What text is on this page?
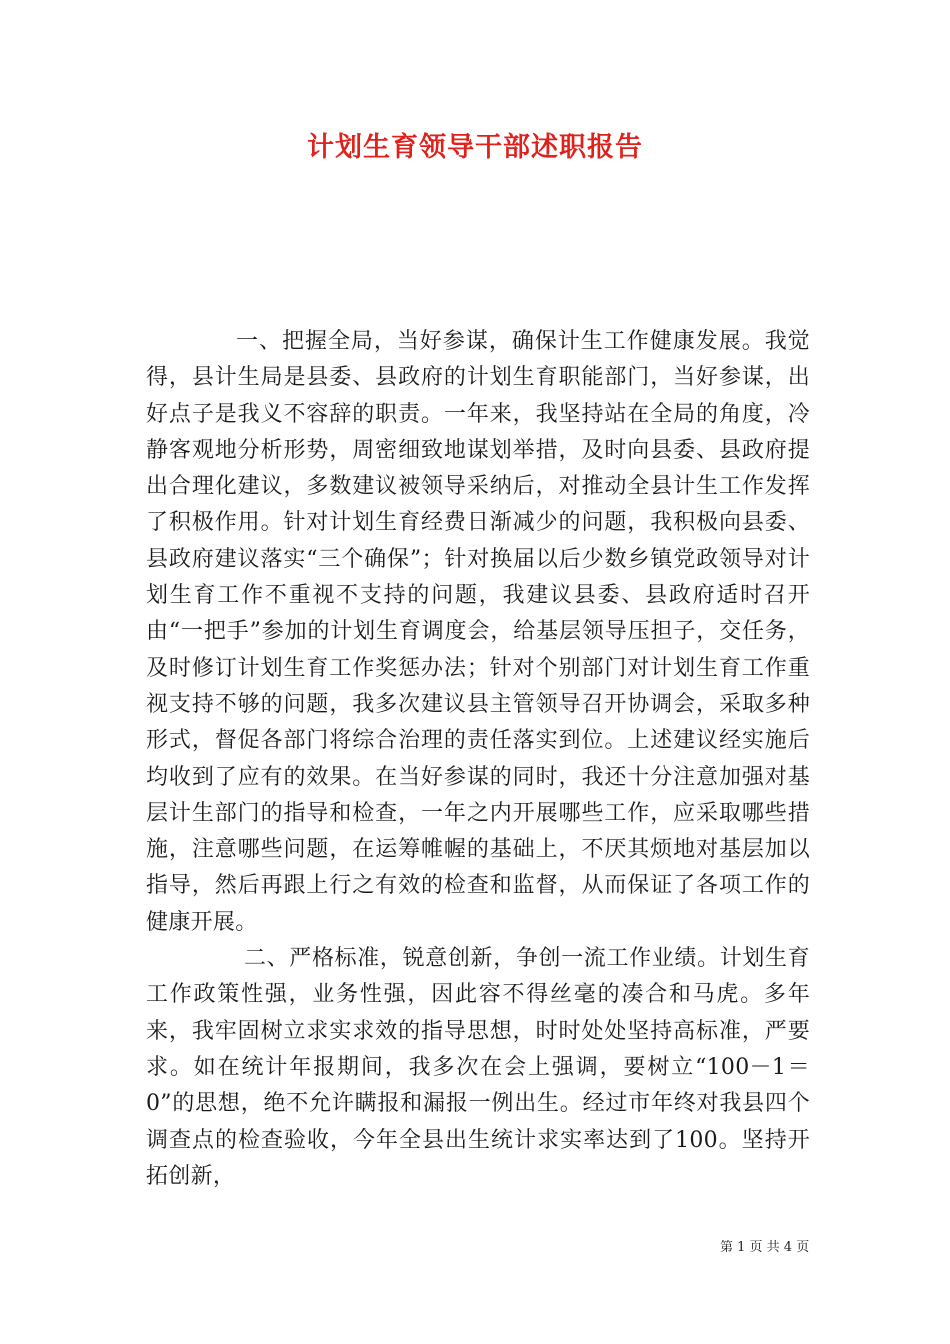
计划生育领导干部述职报告

一、把握全局，当好参谋，确保计生工作健康发展。我觉得，县计生局是县委、县政府的计划生育职能部门，当好参谋，出好点子是我义不容辞的职责。一年来，我坚持站在全局的角度，冷静客观地分析形势，周密细致地谋划举措，及时向县委、县政府提出合理化建议，多数建议被领导采纳后，对推动全县计生工作发挥了积极作用。针对计划生育经费日渐减少的问题，我积极向县委、县政府建议落实“三个确保”；针对换届以后少数乡镇党政领导对计划生育工作不重视不支持的问题，我建议县委、县政府适时召开由“一把手”参加的计划生育调度会，给基层领导压担子，交任务，及时修订计划生育工作奖惩办法；针对个别部门对计划生育工作重视支持不够的问题，我多次建议县主管领导召开协调会，采取多种形式，督促各部门将综合治理的责任落实到位。上述建议经实施后均收到了应有的效果。在当好参谋的同时，我还十分注意加强对基层计生部门的指导和检查，一年之内开展哪些工作，应采取哪些措施，注意哪些问题，在运筹帷幄的基础上，不厌其烦地对基层加以指导，然后再跟上行之有效的检查和监督，从而保证了各项工作的健康开展。

二、严格标准，锐意创新，争创一流工作业绩。计划生育工作政策性强，业务性强，因此容不得丝毫的凑合和马虎。多年来，我牢固树立求实求效的指导思想，时时处处坚持高标准，严要求。如在统计年报期间，我多次在会上强调，要树立“100－1＝0”的思想，绝不允许瞒报和漏报一例出生。经过市年终对我县四个调查点的检查验收，今年全县出生统计求实率达到了100。坚持开拓创新，

第 1 页 共 4 页
